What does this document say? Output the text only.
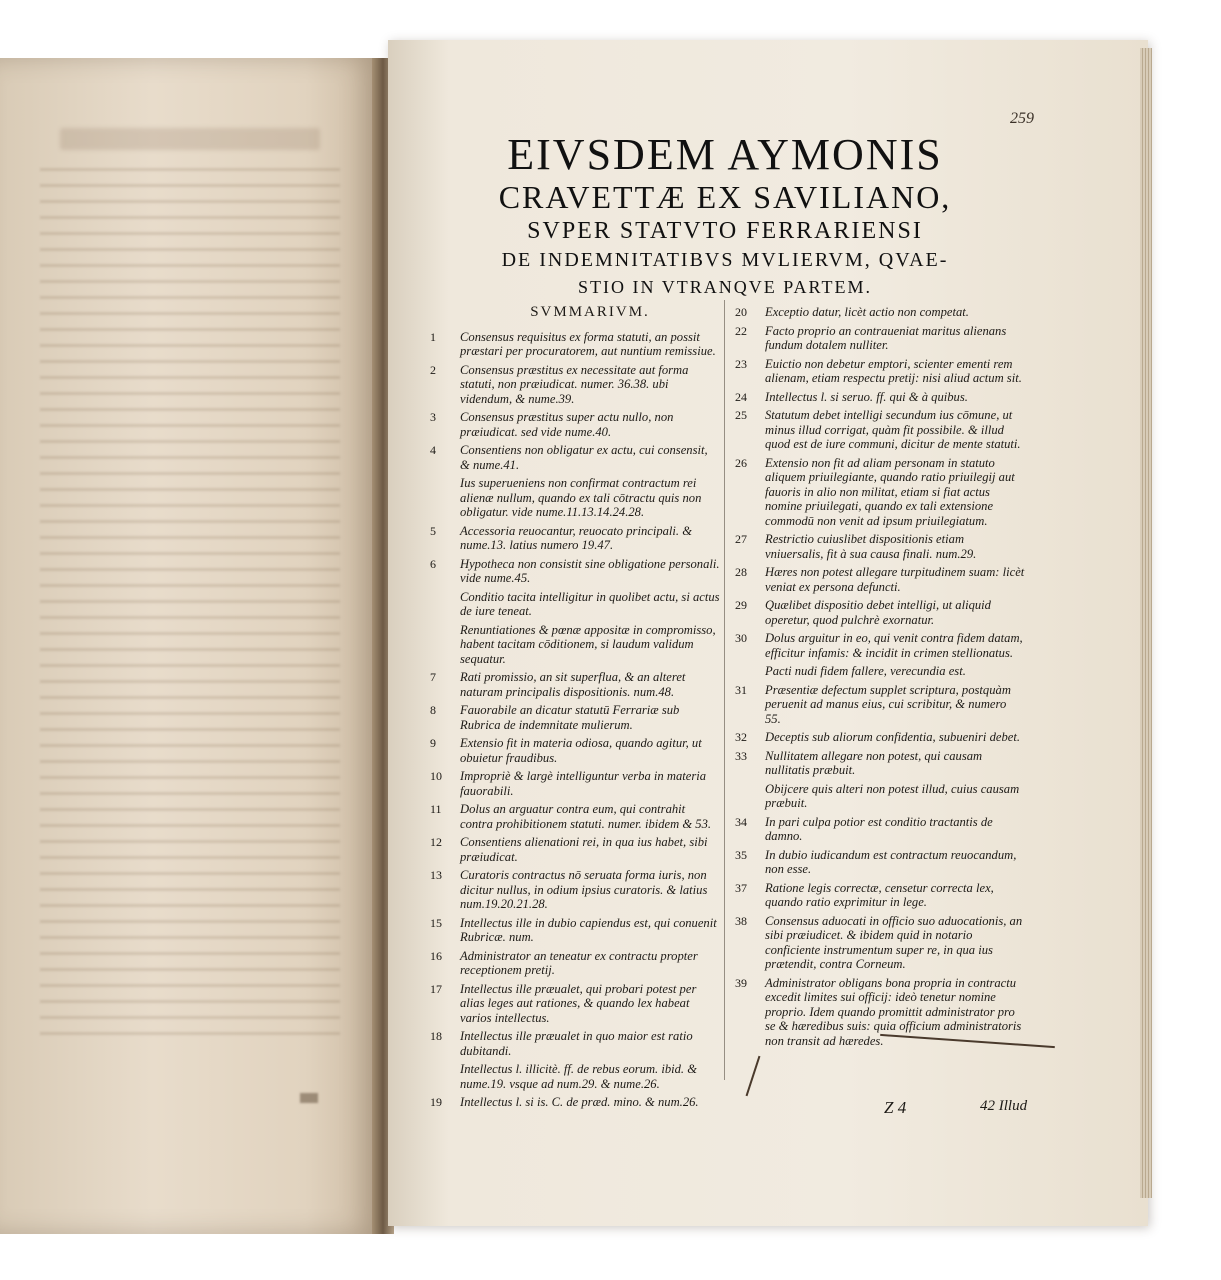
259
EIVSDEM AYMONIS
CRAVETTÆ EX SAVILIANO,
SVPER STATVTO FERRARIENSI
DE INDEMNITATIBVS MVLIERVM, QVAE-
STIO IN VTRANQVE PARTEM.
SVMMARIVM.
1 Consensus requisitus ex forma statuti, an possit præstari per procuratorem, aut nuntium remissiue.
2 Consensus præstitus ex necessitate aut forma statuti, non præiudicat. numer. 36.38. ubi videndum, & nume.39.
3 Consensus præstitus super actu nullo, non præiudicat. sed vide nume.40.
4 Consentiens non obligatur ex actu, cui consensit, & nume.41.
Ius superueniens non confirmat contractum rei alienæ nullum, quando ex tali cōtractu quis non obligatur. vide nume.11.13.14.24.28.
5 Accessoria reuocantur, reuocato principali. & nume.13. latius numero 19.47.
6 Hypotheca non consistit sine obligatione personali. vide nume.45.
Conditio tacita intelligitur in quolibet actu, si actus de iure teneat.
Renuntiationes & pœnæ appositæ in compromisso, habent tacitam cōditionem, si laudum validum sequatur.
7 Rati promissio, an sit superflua, & an alteret naturam principalis dispositionis. num.48.
8 Fauorabile an dicatur statutū Ferrariæ sub Rubrica de indemnitate mulierum.
9 Extensio fit in materia odiosa, quando agitur, ut obuietur fraudibus.
10 Impropriè & largè intelliguntur verba in materia fauorabili.
11 Dolus an arguatur contra eum, qui contrahit contra prohibitionem statuti. numer. ibidem & 53.
12 Consentiens alienationi rei, in qua ius habet, sibi præiudicat.
13 Curatoris contractus nō seruata forma iuris, non dicitur nullus, in odium ipsius curatoris. & latius num.19.20.21.28.
15 Intellectus ille in dubio capiendus est, qui conuenit Rubricæ. num.
16 Administrator an teneatur ex contractu propter receptionem pretij.
17 Intellectus ille præualet, qui probari potest per alias leges aut rationes, & quando lex habeat varios intellectus.
18 Intellectus ille præualet in quo maior est ratio dubitandi.
Intellectus l. illicitè. ff. de rebus eorum. ibid. & nume.19. vsque ad num.29. & nume.26.
19 Intellectus l. si is. C. de præd. mino. & num.26.
20 Exceptio datur, licèt actio non competat.
22 Facto proprio an contraueniat maritus alienans fundum dotalem nulliter.
23 Euictio non debetur emptori, scienter ementi rem alienam, etiam respectu pretij: nisi aliud actum sit.
24 Intellectus l. si seruo. ff. qui & à quibus.
25 Statutum debet intelligi secundum ius cōmune, ut minus illud corrigat, quàm fit possibile. & illud quod est de iure communi, dicitur de mente statuti.
26 Extensio non fit ad aliam personam in statuto aliquem priuilegiante, quando ratio priuilegij aut fauoris in alio non militat, etiam si fiat actus nomine priuilegati, quando ex tali extensione commodū non venit ad ipsum priuilegiatum.
27 Restrictio cuiuslibet dispositionis etiam vniuersalis, fit à sua causa finali. num.29.
28 Hæres non potest allegare turpitudinem suam: licèt veniat ex persona defuncti.
29 Quælibet dispositio debet intelligi, ut aliquid operetur, quod pulchrè exornatur.
30 Dolus arguitur in eo, qui venit contra fidem datam, efficitur infamis: & incidit in crimen stellionatus.
Pacti nudi fidem fallere, verecundia est.
31 Præsentiæ defectum supplet scriptura, postquàm peruenit ad manus eius, cui scribitur, & numero 55.
32 Deceptis sub aliorum confidentia, subueniri debet.
33 Nullitatem allegare non potest, qui causam nullitatis præbuit.
Obijcere quis alteri non potest illud, cuius causam præbuit.
34 In pari culpa potior est conditio tractantis de damno.
35 In dubio iudicandum est contractum reuocandum, non esse.
37 Ratione legis correctæ, censetur correcta lex, quando ratio exprimitur in lege.
38 Consensus aduocati in officio suo aduocationis, an sibi præiudicet. & ibidem quid in notario conficiente instrumentum super re, in qua ius prætendit, contra Corneum.
39 Administrator obligans bona propria in contractu excedit limites sui officij: ideò tenetur nomine proprio. Idem quando promittit administrator pro se & hæredibus suis: quia officium administratoris non transit ad hæredes.
Z 4	42 Illud
